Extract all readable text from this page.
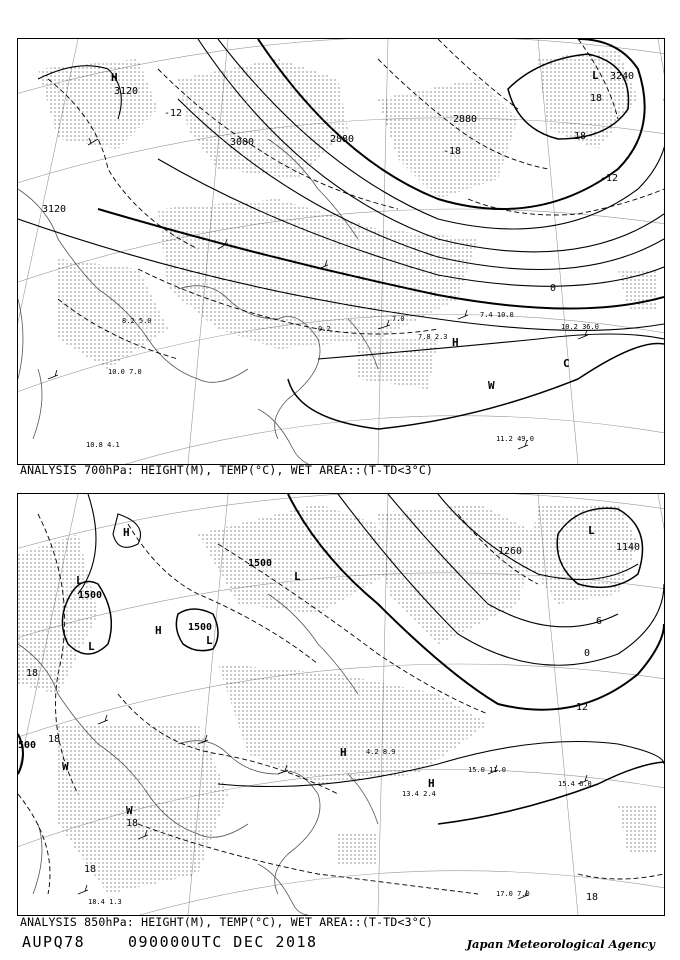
H
H
L
W
C
3120
3120
3000	2880
2880
3240
-12
0
-12
18
18
-18
10.2 36.0
7.4 10.0
7.8 2.3
11.2 49.0
10.8 4.1
10.0 7.0
8.2 5.0
0.2
7.0
ANALYSIS 700hPa: HEIGHT(M), TEMP(°C), WET AREA::(T-TD<3°C)
H
L
L
H
L
L
H
H
W
W
L
1500
1500
1500
500
1260	1140
18
18
18
18
18
-12
0
6
15.0 11.0
15.4 6.0
17.0 7.0
18.4 1.3
13.4 2.4
4.2 8.9
ANALYSIS 850hPa: HEIGHT(M), TEMP(°C), WET AREA::(T-TD<3°C)
AUPQ78	090000UTC DEC 2018	Japan Meteorological Agency
